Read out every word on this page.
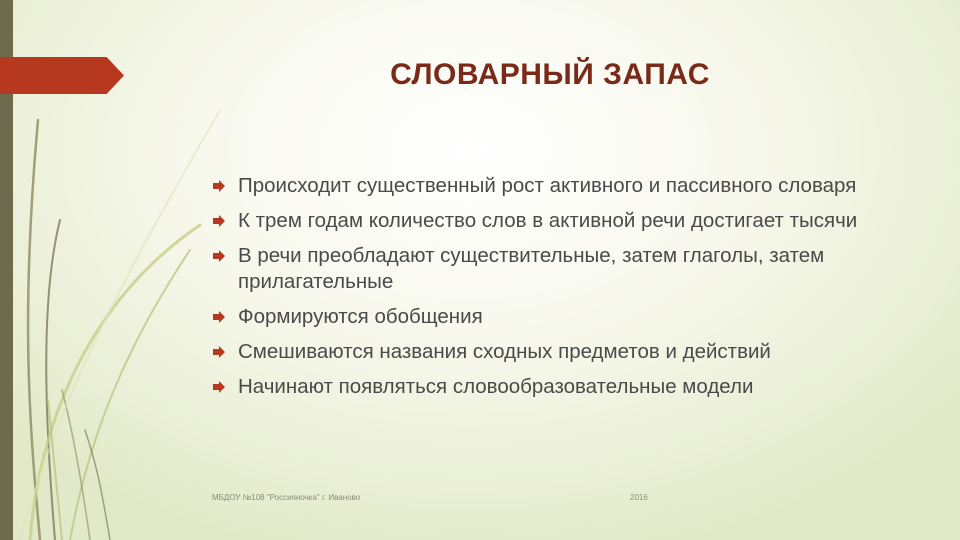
СЛОВАРНЫЙ ЗАПАС
Происходит существенный рост активного и пассивного словаря
К трем годам количество слов в активной речи достигает тысячи
В речи преобладают существительные, затем глаголы, затем прилагательные
Формируются обобщения
Смешиваются названия сходных предметов и действий
Начинают появляться словообразовательные модели
МБДОУ №108 "Россияночка" г. Иваново	2016
